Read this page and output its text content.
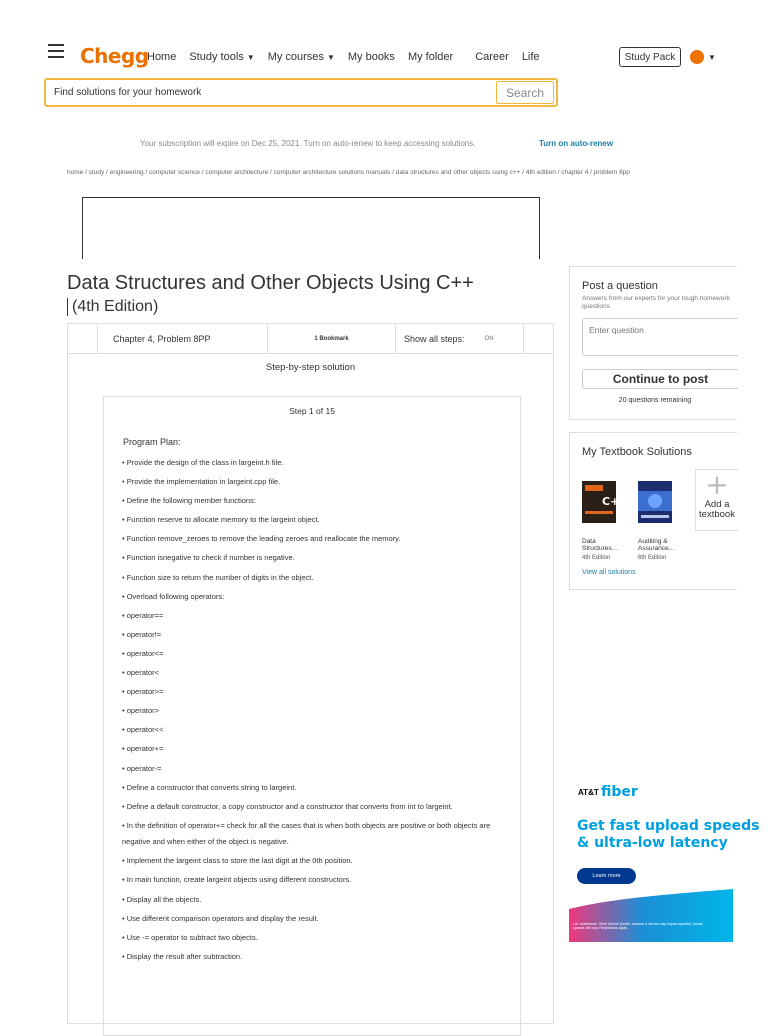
Chegg
Home Study tools ▼ My courses ▼ My books My folder Career Life	Study Pack	▼
Find solutions for your homework
Search
Your subscription will expire on Dec 25, 2021. Turn on auto-renew to keep accessing solutions.	Turn on auto-renew
home / study / engineering / computer science / computer architecture / computer architecture solutions manuals / data structures and other objects using c++ / 4th edition / chapter 4 / problem 8pp
Data Structures and Other Objects Using C++
(4th Edition)
Chapter 4, Problem 8PP	1 Bookmark	Show all steps:	ON
Step-by-step solution
Step 1 of 15
Program Plan:
• Provide the design of the class in largeint.h file.
• Provide the implementation in largeint.cpp file.
• Define the following member functions:
• Function reserve to allocate memory to the largeint object.
• Function remove_zeroes to remove the leading zeroes and reallocate the memory.
• Function isnegative to check if number is negative.
• Function size to return the number of digits in the object.
• Overload following operators:
• operator==
• operator!=
• operator<=
• operator<
• operator>=
• operator>
• operator<<
• operator+=
• operator-=
• Define a constructor that converts string to largeint.
• Define a default constructor, a copy constructor and a constructor that converts from int to largeint.
• In the definition of operator+= check for all the cases that is when both objects are positive or both objects are negative and when either of the object is negative.
• Implement the largeint class to store the last digit at the 0th position.
• In main function, create largeint objects using different constructors.
• Display all the objects.
• Use different comparison operators and display the result.
• Use -= operator to subtract two objects.
• Display the result after subtraction.
Post a question
Answers from our experts for your tough homework questions
Enter question
Continue to post
20 questions remaining
My Textbook Solutions
C+
Data Structures...
4th Edition
Auditing & Assurance...
6th Edition
+
Add a textbook
View all solutions
AT&T fiber
Get fast upload speeds
& ultra-low latency
Learn more
Ltd. avail/areas. Other factors (router, network & device may impact speeds). Actual speeds will vary. Restrictions apply.
